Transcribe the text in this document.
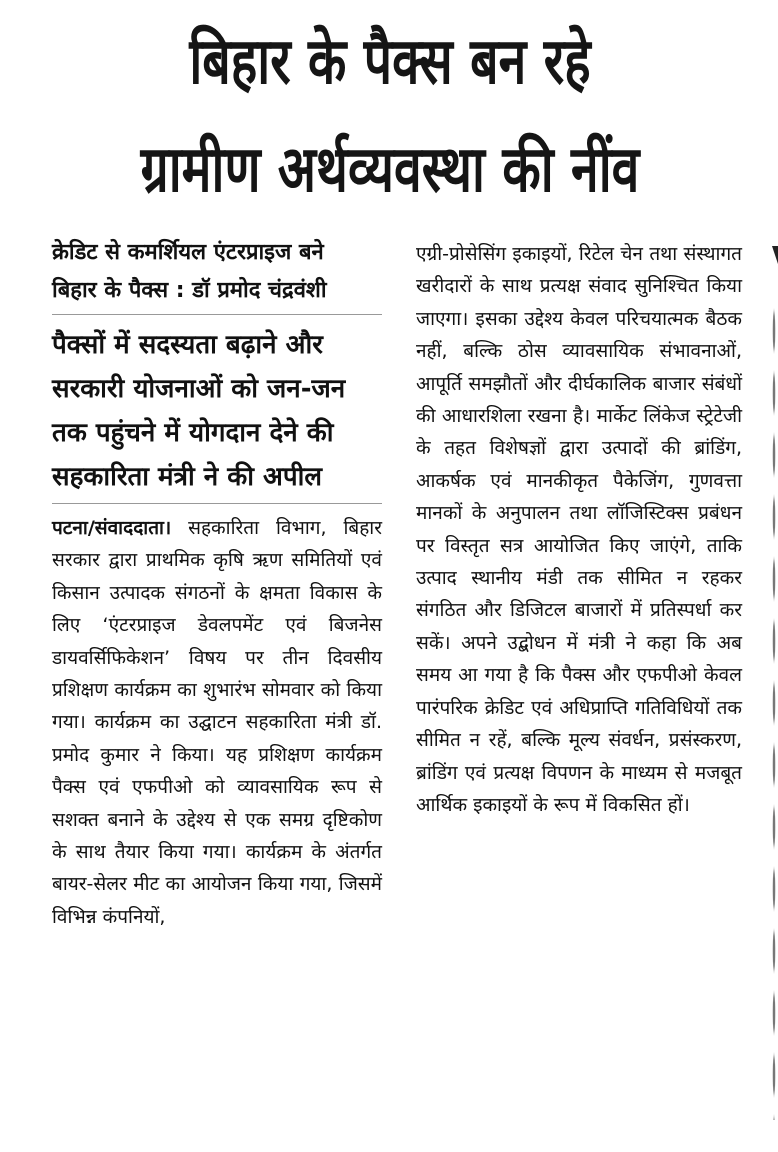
बिहार के पैक्स बन रहे
ग्रामीण अर्थव्यवस्था की नींव

क्रेडिट से कमर्शियल एंटरप्राइज बने
बिहार के पैक्स : डॉ प्रमोद चंद्रवंशी

पैक्सों में सदस्यता बढ़ाने और
सरकारी योजनाओं को जन-जन
तक पहुंचने में योगदान देने की
सहकारिता मंत्री ने की अपील

पटना/संवाददाता। सहकारिता विभाग, बिहार सरकार द्वारा प्राथमिक कृषि ऋण समितियों एवं किसान उत्पादक संगठनों के क्षमता विकास के लिए ‘एंटरप्राइज डेवलपमेंट एवं बिजनेस डायवर्सिफिकेशन’ विषय पर तीन दिवसीय प्रशिक्षण कार्यक्रम का शुभारंभ सोमवार को किया गया। कार्यक्रम का उद्घाटन सहकारिता मंत्री डॉ. प्रमोद कुमार ने किया। यह प्रशिक्षण कार्यक्रम पैक्स एवं एफपीओ को व्यावसायिक रूप से सशक्त बनाने के उद्देश्य से एक समग्र दृष्टिकोण के साथ तैयार किया गया। कार्यक्रम के अंतर्गत बायर-सेलर मीट का आयोजन किया गया, जिसमें विभिन्न कंपनियों,

एग्री-प्रोसेसिंग इकाइयों, रिटेल चेन तथा संस्थागत खरीदारों के साथ प्रत्यक्ष संवाद सुनिश्चित किया जाएगा। इसका उद्देश्य केवल परिचयात्मक बैठक नहीं, बल्कि ठोस व्यावसायिक संभावनाओं, आपूर्ति समझौतों और दीर्घकालिक बाजार संबंधों की आधारशिला रखना है। मार्केट लिंकेज स्ट्रेटेजी के तहत विशेषज्ञों द्वारा उत्पादों की ब्रांडिंग, आकर्षक एवं मानकीकृत पैकेजिंग, गुणवत्ता मानकों के अनुपालन तथा लॉजिस्टिक्स प्रबंधन पर विस्तृत सत्र आयोजित किए जाएंगे, ताकि उत्पाद स्थानीय मंडी तक सीमित न रहकर संगठित और डिजिटल बाजारों में प्रतिस्पर्धा कर सकें। अपने उद्बोधन में मंत्री ने कहा कि अब समय आ गया है कि पैक्स और एफपीओ केवल पारंपरिक क्रेडिट एवं अधिप्राप्ति गतिविधियों तक सीमित न रहें, बल्कि मूल्य संवर्धन, प्रसंस्करण, ब्रांडिंग एवं प्रत्यक्ष विपणन के माध्यम से मजबूत आर्थिक इकाइयों के रूप में विकसित हों।
